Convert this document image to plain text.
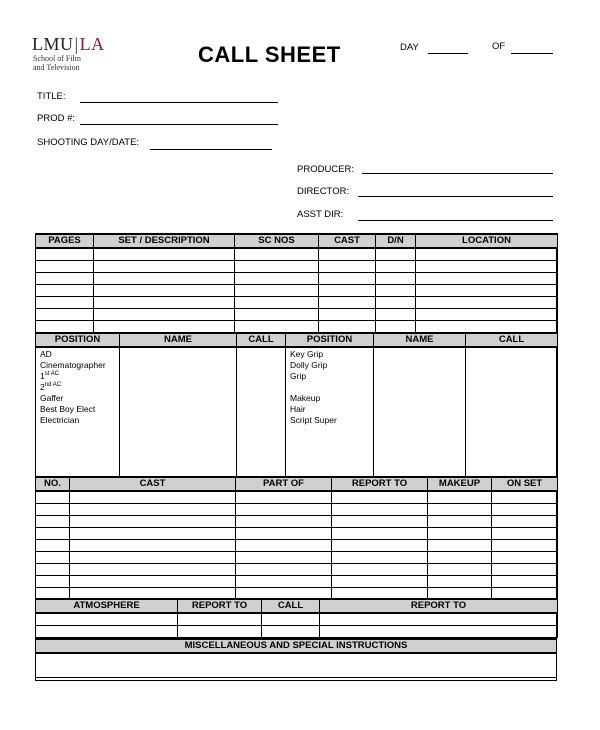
LMU|LA
School of Film
and Television
CALL SHEET	DAY	OF
TITLE:
PROD #:
SHOOTING DAY/DATE:
PRODUCER:
DIRECTOR:
ASST DIR:
PAGES	SET / DESCRIPTION	SC NOS	CAST	D/N	LOCATION

POSITION	NAME	CALL	POSITION	NAME	CALL
AD			Key Grip		
Cinematographer			Dolly Grip		
$1^{st AC}$			Grip		
$2^{nd AC}$					
Gaffer			Makeup		
Best Boy Elect			Hair		
Electrician			Script Super		

NO.	CAST	PART OF	REPORT TO	MAKEUP	ON SET

ATMOSPHERE	REPORT TO	CALL	REPORT TO

MISCELLANEOUS AND SPECIAL INSTRUCTIONS
